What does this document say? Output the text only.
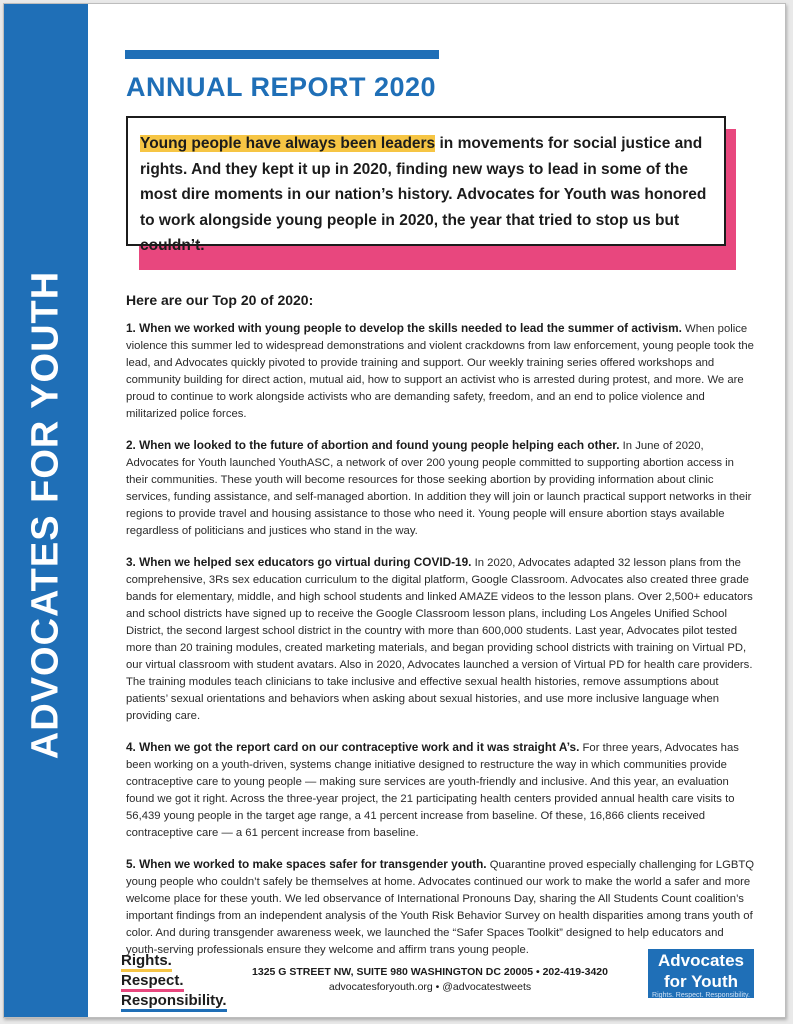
ADVOCATES FOR YOUTH
ANNUAL REPORT 2020

Young people have always been leaders in movements for social justice and rights. And they kept it up in 2020, finding new ways to lead in some of the most dire moments in our nation’s history. Advocates for Youth was honored to work alongside young people in 2020, the year that tried to stop us but couldn’t.

Here are our Top 20 of 2020:

1. When we worked with young people to develop the skills needed to lead the summer of activism. When police violence this summer led to widespread demonstrations and violent crackdowns from law enforcement, young people took the lead, and Advocates quickly pivoted to provide training and support. Our weekly training series offered workshops and community building for direct action, mutual aid, how to support an activist who is arrested during protest, and more. We are proud to continue to work alongside activists who are demanding safety, freedom, and an end to police violence and militarized police forces.

2. When we looked to the future of abortion and found young people helping each other. In June of 2020, Advocates for Youth launched YouthASC, a network of over 200 young people committed to supporting abortion access in their communities. These youth will become resources for those seeking abortion by providing information about clinic services, funding assistance, and self-managed abortion. In addition they will join or launch practical support networks in their regions to provide travel and housing assistance to those who need it. Young people will ensure abortion stays available regardless of politicians and justices who stand in the way.

3. When we helped sex educators go virtual during COVID-19. In 2020, Advocates adapted 32 lesson plans from the comprehensive, 3Rs sex education curriculum to the digital platform, Google Classroom. Advocates also created three grade bands for elementary, middle, and high school students and linked AMAZE videos to the lesson plans. Over 2,500+ educators and school districts have signed up to receive the Google Classroom lesson plans, including Los Angeles Unified School District, the second largest school district in the country with more than 600,000 students. Last year, Advocates pilot tested more than 20 training modules, created marketing materials, and began providing school districts with training on Virtual PD, our virtual classroom with student avatars. Also in 2020, Advocates launched a version of Virtual PD for health care providers. The training modules teach clinicians to take inclusive and effective sexual health histories, remove assumptions about patients’ sexual orientations and behaviors when asking about sexual histories, and use more inclusive language when providing care.

4. When we got the report card on our contraceptive work and it was straight A’s. For three years, Advocates has been working on a youth-driven, systems change initiative designed to restructure the way in which communities provide contraceptive care to young people — making sure services are youth-friendly and inclusive. And this year, an evaluation found we got it right. Across the three-year project, the 21 participating health centers provided annual health care visits to 56,439 young people in the target age range, a 41 percent increase from baseline. Of these, 16,866 clients received contraceptive care — a 61 percent increase from baseline.

5. When we worked to make spaces safer for transgender youth. Quarantine proved especially challenging for LGBTQ young people who couldn’t safely be themselves at home. Advocates continued our work to make the world a safer and more welcome place for these youth. We led observance of International Pronouns Day, sharing the All Students Count coalition’s important findings from an independent analysis of the Youth Risk Behavior Survey on health disparities among trans youth of color. And during transgender awareness week, we launched the “Safer Spaces Toolkit” designed to help educators and youth-serving professionals ensure they welcome and affirm trans young people.

Rights.
Respect.
Responsibility.
1325 G STREET NW, SUITE 980 WASHINGTON DC 20005 • 202-419-3420
advocatesforyouth.org • @advocatestweets
Advocates
for Youth
Rights. Respect. Responsibility.
